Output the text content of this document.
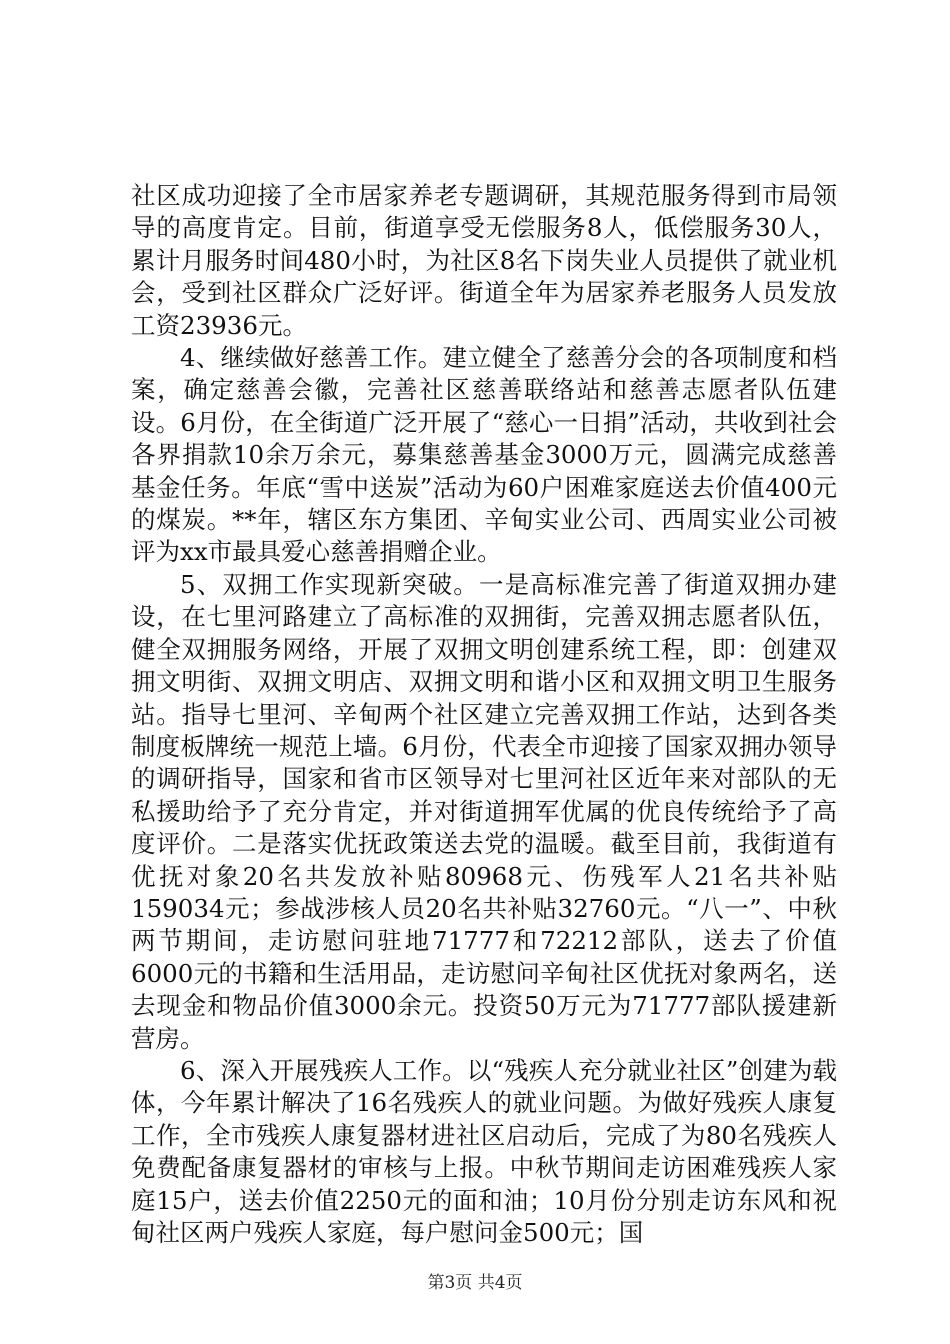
社区成功迎接了全市居家养老专题调研，其规范服务得到市局领导的高度肯定。目前，街道享受无偿服务8人，低偿服务30人，累计月服务时间480小时，为社区8名下岗失业人员提供了就业机会，受到社区群众广泛好评。街道全年为居家养老服务人员发放工资23936元。

4、继续做好慈善工作。建立健全了慈善分会的各项制度和档案，确定慈善会徽，完善社区慈善联络站和慈善志愿者队伍建设。6月份，在全街道广泛开展了“慈心一日捐”活动，共收到社会各界捐款10余万余元，募集慈善基金3000万元，圆满完成慈善基金任务。年底“雪中送炭”活动为60户困难家庭送去价值400元的煤炭。**年，辖区东方集团、辛甸实业公司、西周实业公司被评为xx市最具爱心慈善捐赠企业。

5、双拥工作实现新突破。一是高标准完善了街道双拥办建设，在七里河路建立了高标准的双拥街，完善双拥志愿者队伍，健全双拥服务网络，开展了双拥文明创建系统工程，即：创建双拥文明街、双拥文明店、双拥文明和谐小区和双拥文明卫生服务站。指导七里河、辛甸两个社区建立完善双拥工作站，达到各类制度板牌统一规范上墙。6月份，代表全市迎接了国家双拥办领导的调研指导，国家和省市区领导对七里河社区近年来对部队的无私援助给予了充分肯定，并对街道拥军优属的优良传统给予了高度评价。二是落实优抚政策送去党的温暖。截至目前，我街道有优抚对象20名共发放补贴80968元、伤残军人21名共补贴159034元；参战涉核人员20名共补贴32760元。“八一”、中秋两节期间，走访慰问驻地71777和72212部队，送去了价值6000元的书籍和生活用品，走访慰问辛甸社区优抚对象两名，送去现金和物品价值3000余元。投资50万元为71777部队援建新营房。

6、深入开展残疾人工作。以“残疾人充分就业社区”创建为载体，今年累计解决了16名残疾人的就业问题。为做好残疾人康复工作，全市残疾人康复器材进社区启动后，完成了为80名残疾人免费配备康复器材的审核与上报。中秋节期间走访困难残疾人家庭15户，送去价值2250元的面和油；10月份分别走访东风和祝甸社区两户残疾人家庭，每户慰问金500元；国

第3页 共4页
